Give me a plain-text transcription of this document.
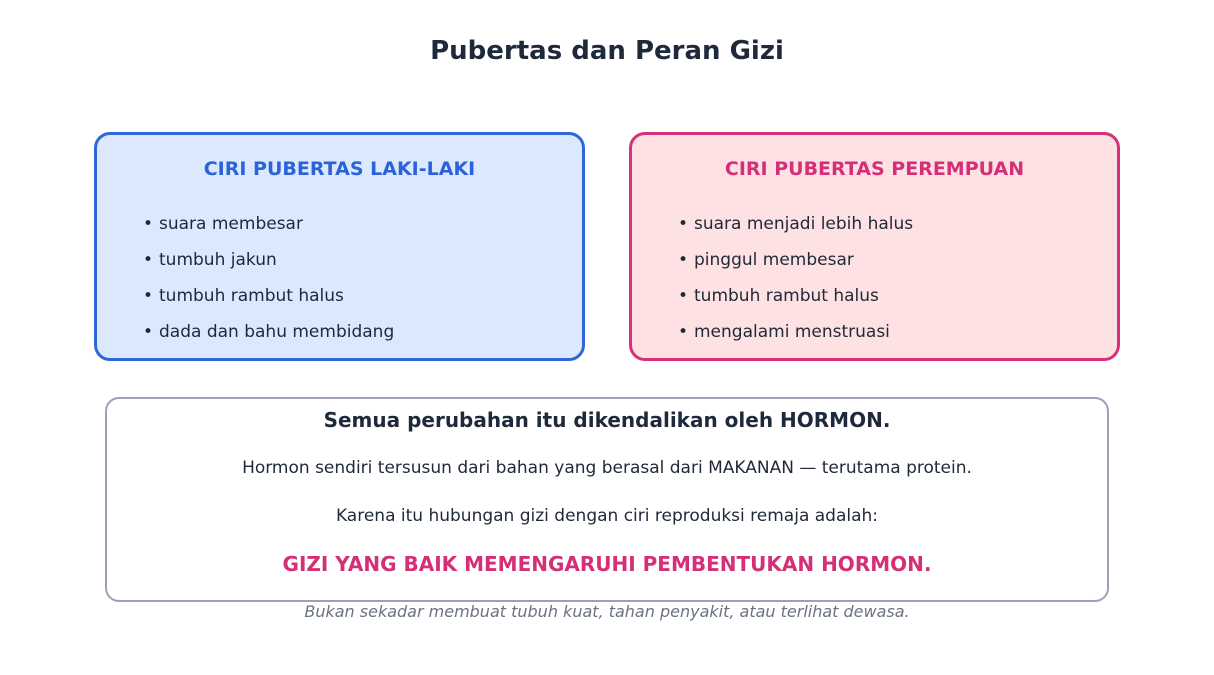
Pubertas dan Peran Gizi
CIRI PUBERTAS LAKI-LAKI
• suara membesar
• tumbuh jakun
• tumbuh rambut halus
• dada dan bahu membidang
CIRI PUBERTAS PEREMPUAN
• suara menjadi lebih halus
• pinggul membesar
• tumbuh rambut halus
• mengalami menstruasi
Semua perubahan itu dikendalikan oleh HORMON.
Hormon sendiri tersusun dari bahan yang berasal dari MAKANAN — terutama protein.
Karena itu hubungan gizi dengan ciri reproduksi remaja adalah:
GIZI YANG BAIK MEMENGARUHI PEMBENTUKAN HORMON.
Bukan sekadar membuat tubuh kuat, tahan penyakit, atau terlihat dewasa.
